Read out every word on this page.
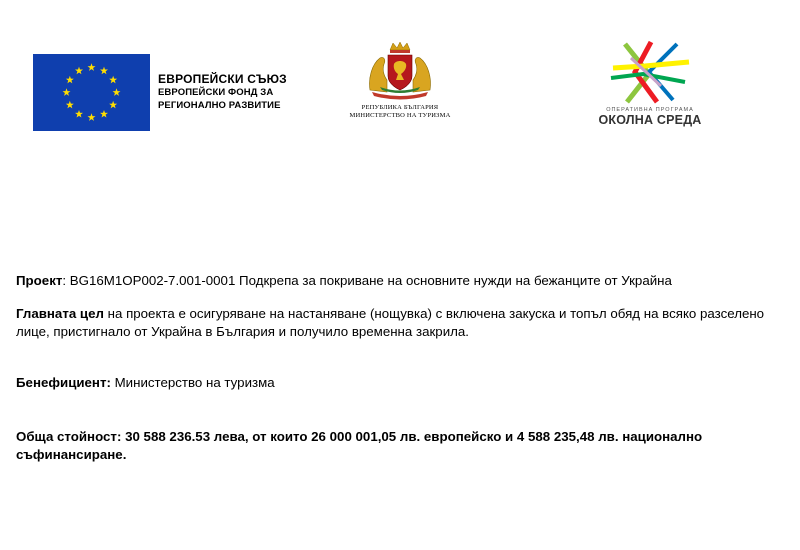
ЕВРОПЕЙСКИ СЪЮЗ
ЕВРОПЕЙСКИ ФОНД ЗА
РЕГИОНАЛНО РАЗВИТИЕ	РЕПУБЛИКА БЪЛГАРИЯ
МИНИСТЕРСТВО НА ТУРИЗМА
ОПЕРАТИВНА ПРОГРАМА
ОКОЛНА СРЕДА

Проект: BG16M1OP002-7.001-0001 Подкрепа за покриване на основните нужди на бежанците от Украйна

Главната цел на проекта е осигуряване на настаняване (нощувка) с включена закуска и топъл обяд на всяко разселено лице, пристигнало от Украйна в България и получило временна закрила.

Бенефициент: Министерство на туризма

Обща стойност: 30 588 236.53 лева, от които 26 000 001,05 лв. европейско и 4 588 235,48 лв. национално съфинансиране.
